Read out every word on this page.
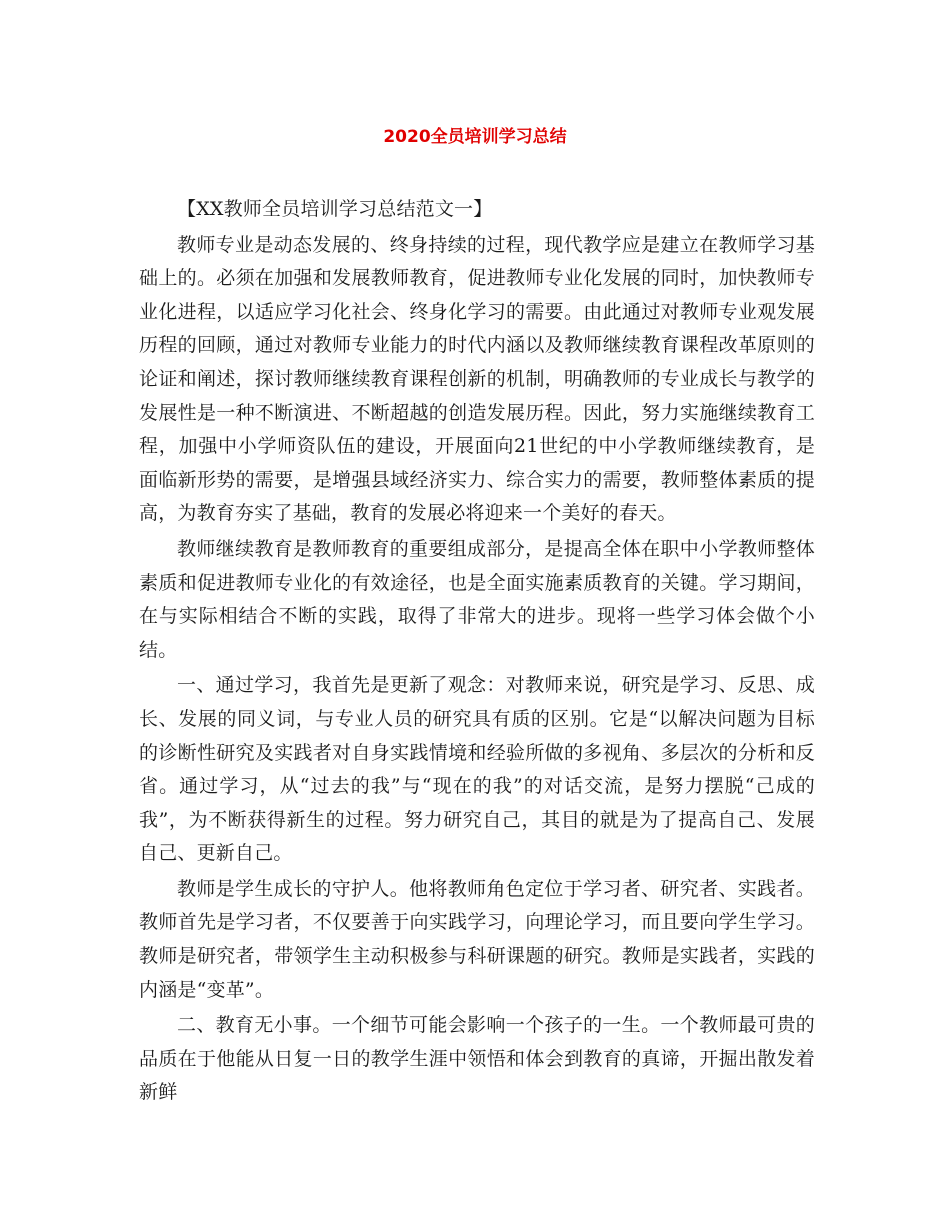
2020全员培训学习总结

【XX教师全员培训学习总结范文一】

教师专业是动态发展的、终身持续的过程，现代教学应是建立在教师学习基础上的。必须在加强和发展教师教育，促进教师专业化发展的同时，加快教师专业化进程，以适应学习化社会、终身化学习的需要。由此通过对教师专业观发展历程的回顾，通过对教师专业能力的时代内涵以及教师继续教育课程改革原则的论证和阐述，探讨教师继续教育课程创新的机制，明确教师的专业成长与教学的发展性是一种不断演进、不断超越的创造发展历程。因此，努力实施继续教育工程，加强中小学师资队伍的建设，开展面向21世纪的中小学教师继续教育，是面临新形势的需要，是增强县域经济实力、综合实力的需要，教师整体素质的提高，为教育夯实了基础，教育的发展必将迎来一个美好的春天。

教师继续教育是教师教育的重要组成部分，是提高全体在职中小学教师整体素质和促进教师专业化的有效途径，也是全面实施素质教育的关键。学习期间，在与实际相结合不断的实践，取得了非常大的进步。现将一些学习体会做个小结。

一、通过学习，我首先是更新了观念：对教师来说，研究是学习、反思、成长、发展的同义词，与专业人员的研究具有质的区别。它是“以解决问题为目标的诊断性研究及实践者对自身实践情境和经验所做的多视角、多层次的分析和反省。通过学习，从“过去的我”与“现在的我”的对话交流，是努力摆脱“己成的我”，为不断获得新生的过程。努力研究自己，其目的就是为了提高自己、发展自己、更新自己。

教师是学生成长的守护人。他将教师角色定位于学习者、研究者、实践者。教师首先是学习者，不仅要善于向实践学习，向理论学习，而且要向学生学习。教师是研究者，带领学生主动积极参与科研课题的研究。教师是实践者，实践的内涵是“变革”。

二、教育无小事。一个细节可能会影响一个孩子的一生。一个教师最可贵的品质在于他能从日复一日的教学生涯中领悟和体会到教育的真谛，开掘出散发着新鲜
